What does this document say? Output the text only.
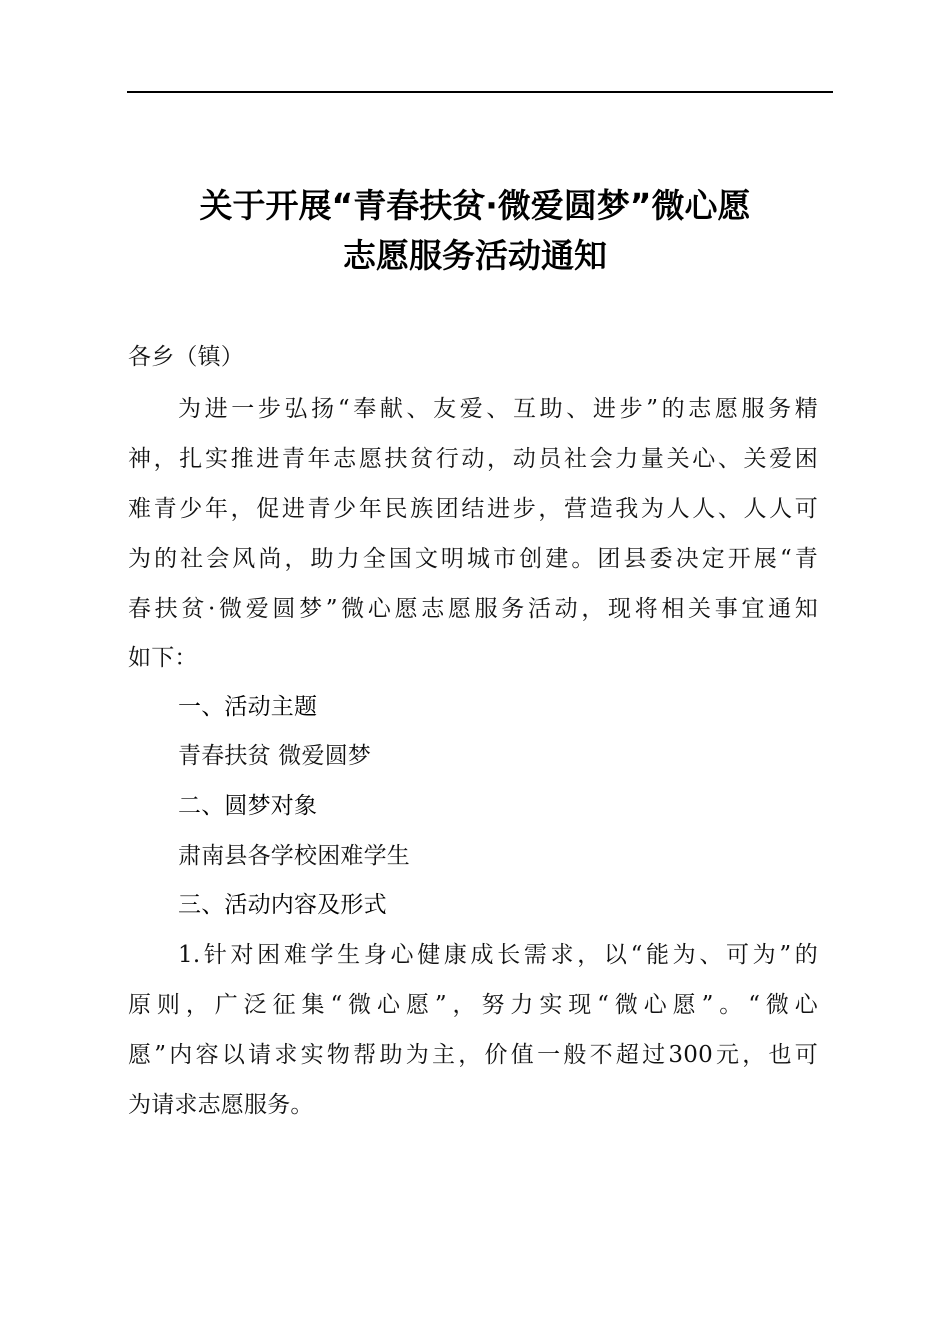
关于开展“青春扶贫·微爱圆梦”微心愿
志愿服务活动通知
各乡（镇）
为进一步弘扬“奉献、友爱、互助、进步”的志愿服务精
神，扎实推进青年志愿扶贫行动，动员社会力量关心、关爱困
难青少年，促进青少年民族团结进步，营造我为人人、人人可
为的社会风尚，助力全国文明城市创建。团县委决定开展“青
春扶贫·微爱圆梦”微心愿志愿服务活动，现将相关事宜通知
如下：
一、活动主题
青春扶贫 微爱圆梦
二、圆梦对象
肃南县各学校困难学生
三、活动内容及形式
1.针对困难学生身心健康成长需求，以“能为、可为”的
原则，广泛征集“微心愿”，努力实现“微心愿”。“微心
愿”内容以请求实物帮助为主，价值一般不超过300元，也可
为请求志愿服务。
